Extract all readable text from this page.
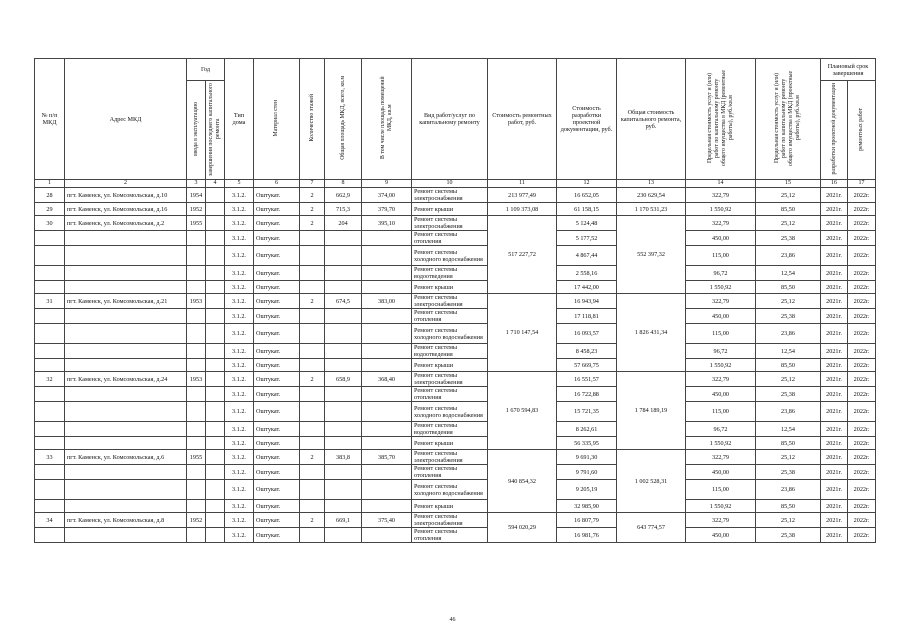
№ п/п МКД	Адрес МКД	Год		Тип дома	Материал стен	Количество этажей	Общая площадь МКД, всего, кв.м	В том числе площадь помещений МКД, кв.м	Вид работ/услуг по капитальному ремонту	Стоимость ремонтных работ, руб.	Стоимость разработки проектной документации, руб.	Общая стоимость капитального ремонта, руб.	Предельная стоимость услуг и (или) работ по капитальному ремонту общего имущества в МКД (ремонтные работы), руб./кв.м	Предельная стоимость услуг и (или) работ по капитальному ремонту общего имущества в МКД (проектные работы), руб./кв.м	Плановый срок завершения	
		ввода в эксплуатацию	завершения последнего капитального ремонта												разработки проектной документации	ремонтных работ
1	2	3	4	5	6	7	8	9	10	11	12	13	14	15	16	17
28	пгт. Каменск, ул. Комсомольская, д.10	1954		3.1.2.	Оштукат.	2	662,9	374,00	Ремонт системы электроснабжения	213 977,49	16 652,05	230 629,54	322,79	25,12	2021г.	2022г.
29	пгт. Каменск, ул. Комсомольская, д.16	1952		3.1.2.	Оштукат.	2	715,3	379,70	Ремонт крыши	1 109 373,08	61 158,15	1 170 531,23	1 550,92	85,50	2021г.	2022г.
30	пгт. Каменск, ул. Комсомольская, д.2	1955		3.1.2.	Оштукат.	2	204	395,10	Ремонт системы электроснабжения	517 227,72	5 124,48	552 397,32	322,79	25,12	2021г.	2022г.
				3.1.2.	Оштукат.				Ремонт системы отопления		5 177,52		450,00	25,38	2021г.	2022г.
				3.1.2.	Оштукат.				Ремонт системы холодного водоснабжения		4 867,44		115,00	23,86	2021г.	2022г.
				3.1.2.	Оштукат.				Ремонт системы водоотведения		2 558,16		96,72	12,54	2021г.	2022г.
				3.1.2.	Оштукат.				Ремонт крыши		17 442,00		1 550,92	85,50	2021г.	2022г.
31	пгт. Каменск, ул. Комсомольская, д.21	1953		3.1.2.	Оштукат.	2	674,5	383,00	Ремонт системы электроснабжения	1 710 147,54	16 943,94	1 826 431,34	322,79	25,12	2021г.	2022г.
				3.1.2.	Оштукат.				Ремонт системы отопления		17 118,81		450,00	25,38	2021г.	2022г.
				3.1.2.	Оштукат.				Ремонт системы холодного водоснабжения		16 093,57		115,00	23,86	2021г.	2022г.
				3.1.2.	Оштукат.				Ремонт системы водоотведения		8 458,23		96,72	12,54	2021г.	2022г.
				3.1.2.	Оштукат.				Ремонт крыши		57 669,75		1 550,92	85,50	2021г.	2022г.
32	пгт. Каменск, ул. Комсомольская, д.24	1953		3.1.2.	Оштукат.	2	658,9	368,40	Ремонт системы электроснабжения	1 670 594,83	16 551,57	1 784 189,19	322,79	25,12	2021г.	2022г.
				3.1.2.	Оштукат.				Ремонт системы отопления		16 722,88		450,00	25,38	2021г.	2022г.
				3.1.2.	Оштукат.				Ремонт системы холодного водоснабжения		15 721,35		115,00	23,86	2021г.	2022г.
				3.1.2.	Оштукат.				Ремонт системы водоотведения		8 262,61		96,72	12,54	2021г.	2022г.
				3.1.2.	Оштукат.				Ремонт крыши		56 335,95		1 550,92	85,50	2021г.	2022г.
33	пгт. Каменск, ул. Комсомольская, д.6	1955		3.1.2.	Оштукат.	2	383,8	385,70	Ремонт системы электроснабжения	940 854,32	9 691,30	1 002 528,31	322,79	25,12	2021г.	2022г.
				3.1.2.	Оштукат.				Ремонт системы отопления		9 791,60		450,00	25,38	2021г.	2022г.
				3.1.2.	Оштукат.				Ремонт системы холодного водоснабжения		9 205,19		115,00	23,86	2021г.	2022г.
				3.1.2.	Оштукат.				Ремонт крыши		32 985,90		1 550,92	85,50	2021г.	2022г.
34	пгт. Каменск, ул. Комсомольская, д.8	1952		3.1.2.	Оштукат.	2	669,1	375,40	Ремонт системы электроснабжения	594 020,29	16 807,79	643 774,57	322,79	25,12	2021г.	2022г.
				3.1.2.	Оштукат.				Ремонт системы отопления		16 981,76		450,00	25,38	2021г.	2022г.
46
